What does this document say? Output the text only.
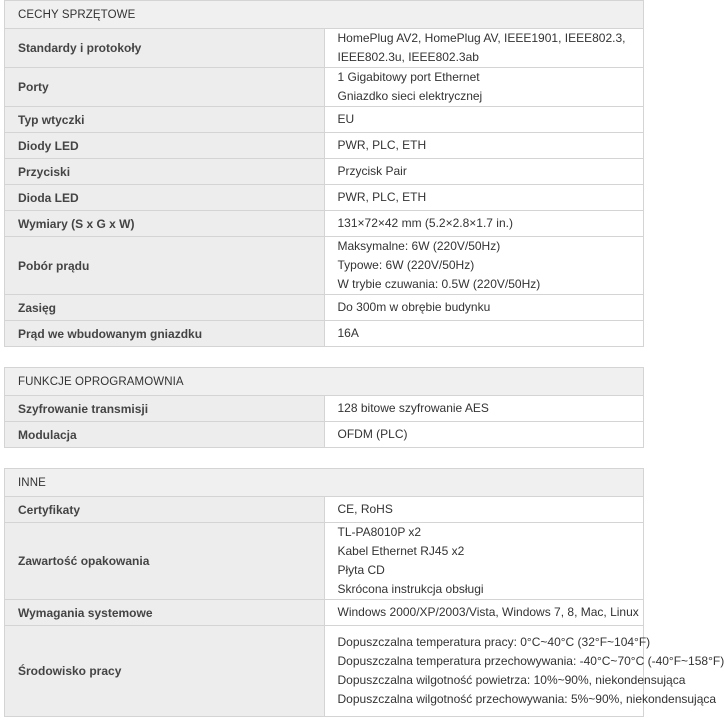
CECHY SPRZĘTOWE	
Standardy i protokoły	HomePlug AV2, HomePlug AV, IEEE1901, IEEE802.3, IEEE802.3u, IEEE802.3ab

Porty	1 Gigabitowy port Ethernet
Gniazdko sieci elektrycznej

Typ wtyczki	EU

Diody LED	PWR, PLC, ETH

Przyciski	Przycisk Pair

Dioda LED	PWR, PLC, ETH

Wymiary (S x G x W)	131×72×42 mm (5.2×2.8×1.7 in.)

Pobór prądu	Maksymalne: 6W (220V/50Hz)
Typowe: 6W (220V/50Hz)
W trybie czuwania: 0.5W (220V/50Hz)

Zasięg	Do 300m w obrębie budynku

Prąd we wbudowanym gniazdku	16A
FUNKCJE OPROGRAMOWNIA	
Szyfrowanie transmisji	128 bitowe szyfrowanie AES

Modulacja	OFDM (PLC)
INNE	
Certyfikaty	CE, RoHS

Zawartość opakowania	TL-PA8010P x2
Kabel Ethernet RJ45 x2
Płyta CD
Skrócona instrukcja obsługi

Wymagania systemowe	Windows 2000/XP/2003/Vista, Windows 7, 8, Mac, Linux

Środowisko pracy	Dopuszczalna temperatura pracy: 0°C~40°C (32°F~104°F)
Dopuszczalna temperatura przechowywania: -40°C~70°C (-40°F~158°F)
Dopuszczalna wilgotność powietrza: 10%~90%, niekondensująca
Dopuszczalna wilgotność przechowywania: 5%~90%, niekondensująca
